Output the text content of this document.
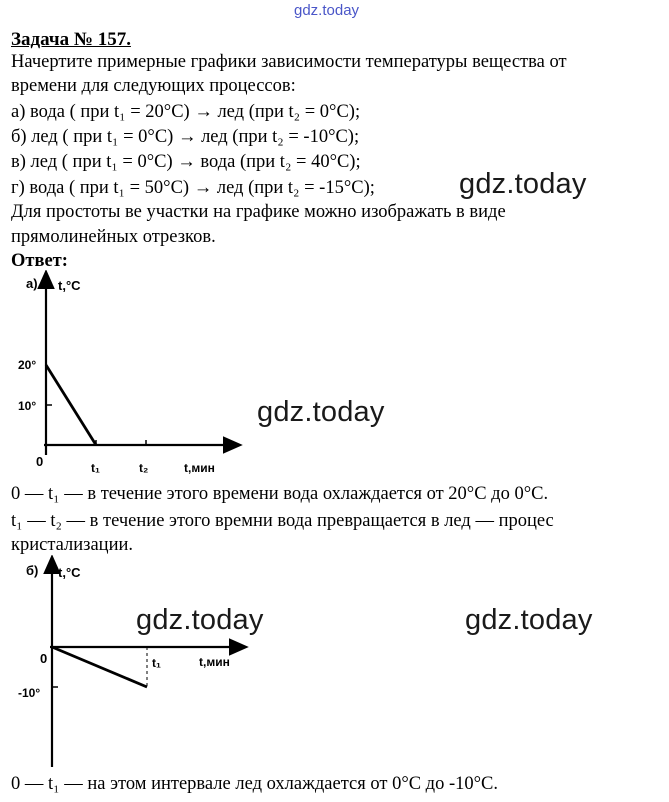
gdz.today
gdz.today
gdz.today
gdz.today	gdz.today
Задача № 157.
Начертите примерные графики зависимости температуры вещества от
времени для следующих процессов:
а) вода ( при t₁ = 20°C) → лед (при t₂ = 0°C);
б) лед ( при t₁ = 0°C) → лед (при t₂ = -10°C);
в) лед ( при t₁ = 0°C) → вода (при t₂ = 40°C);
г) вода ( при t₁ = 50°C) → лед (при t₂ = -15°C);
Для простоты ве участки на графике можно изображать в виде
прямолинейных отрезков.
Ответ:
а) t,°C
t,мин
20°
10°
0	t₁	t₂
0 — t₁ — в течение этого времени вода охлаждается от 20°C до 0°C.
t₁ — t₂ — в течение этого времни вода превращается в лед — процес
кристализации.
б) t,°C
t,мин
0
-10°
t₁
0 — t₁ — на этом интервале лед охлаждается от 0°C до -10°C.
